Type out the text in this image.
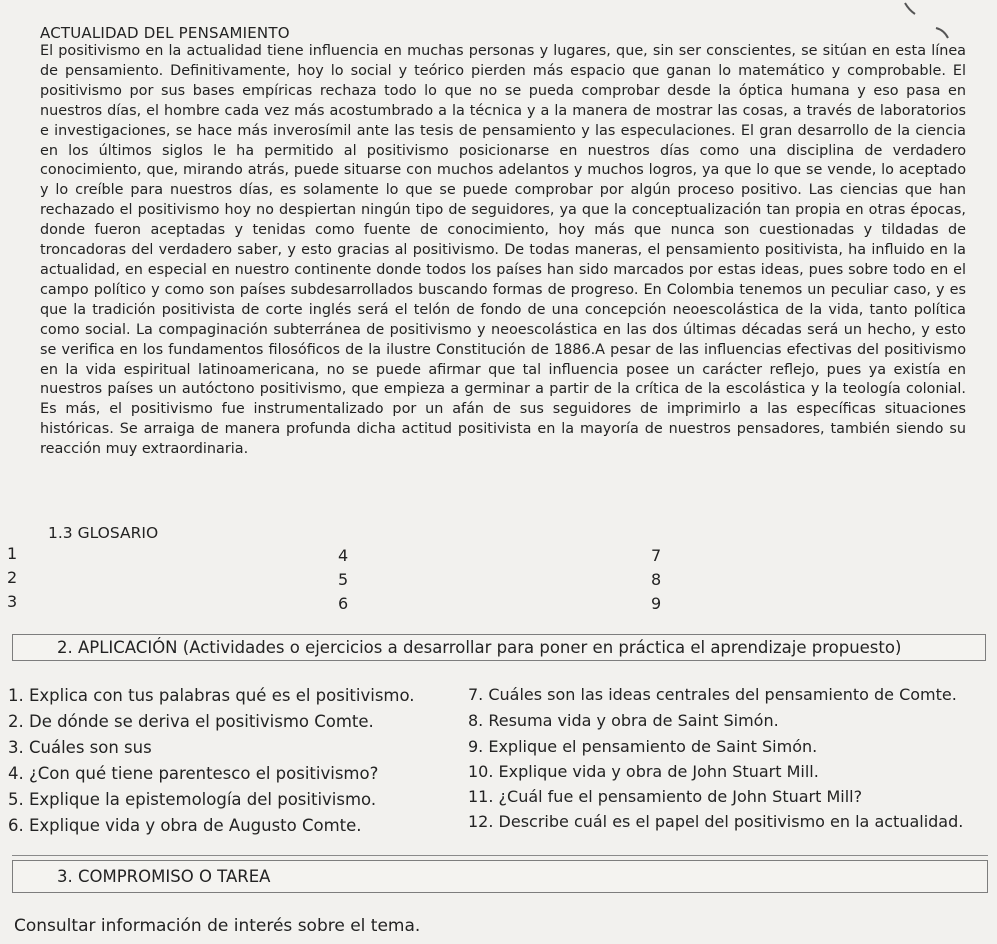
ACTUALIDAD DEL PENSAMIENTO

El positivismo en la actualidad tiene influencia en muchas personas y lugares, que, sin ser conscientes, se sitúan en esta línea de pensamiento. Definitivamente, hoy lo social y teórico pierden más espacio que ganan lo matemático y comprobable. El positivismo por sus bases empíricas rechaza todo lo que no se pueda comprobar desde la óptica humana y eso pasa en nuestros días, el hombre cada vez más acostumbrado a la técnica y a la manera de mostrar las cosas, a través de laboratorios e investigaciones, se hace más inverosímil ante las tesis de pensamiento y las especulaciones. El gran desarrollo de la ciencia en los últimos siglos le ha permitido al positivismo posicionarse en nuestros días como una disciplina de verdadero conocimiento, que, mirando atrás, puede situarse con muchos adelantos y muchos logros, ya que lo que se vende, lo aceptado y lo creíble para nuestros días, es solamente lo que se puede comprobar por algún proceso positivo. Las ciencias que han rechazado el positivismo hoy no despiertan ningún tipo de seguidores, ya que la conceptualización tan propia en otras épocas, donde fueron aceptadas y tenidas como fuente de conocimiento, hoy más que nunca son cuestionadas y tildadas de troncadoras del verdadero saber, y esto gracias al positivismo. De todas maneras, el pensamiento positivista, ha influido en la actualidad, en especial en nuestro continente donde todos los países han sido marcados por estas ideas, pues sobre todo en el campo político y como son países subdesarrollados buscando formas de progreso. En Colombia tenemos un peculiar caso, y es que la tradición positivista de corte inglés será el telón de fondo de una concepción neoescolástica de la vida, tanto política como social. La compaginación subterránea de positivismo y neoescolástica en las dos últimas décadas será un hecho, y esto se verifica en los fundamentos filosóficos de la ilustre Constitución de 1886.A pesar de las influencias efectivas del positivismo en la vida espiritual latinoamericana, no se puede afirmar que tal influencia posee un carácter reflejo, pues ya existía en nuestros países un autóctono positivismo, que empieza a germinar a partir de la crítica de la escolástica y la teología colonial. Es más, el positivismo fue instrumentalizado por un afán de sus seguidores de imprimirlo a las específicas situaciones históricas. Se arraiga de manera profunda dicha actitud positivista en la mayoría de nuestros pensadores, también siendo su reacción muy extraordinaria.

1.3 GLOSARIO
1
2
3
4
5
6
7
8
9
2. APLICACIÓN (Actividades o ejercicios a desarrollar para poner en práctica el aprendizaje propuesto)
1. Explica con tus palabras qué es el positivismo.
2. De dónde se deriva el positivismo Comte.
3. Cuáles son sus
4. ¿Con qué tiene parentesco el positivismo?
5. Explique la epistemología del positivismo.
6. Explique vida y obra de Augusto Comte.
7. Cuáles son las ideas centrales del pensamiento de Comte.
8. Resuma vida y obra de Saint Simón.
9. Explique el pensamiento de Saint Simón.
10. Explique vida y obra de John Stuart Mill.
11. ¿Cuál fue el pensamiento de John Stuart Mill?
12. Describe cuál es el papel del positivismo en la actualidad.
3. COMPROMISO O TAREA
Consultar información de interés sobre el tema.
